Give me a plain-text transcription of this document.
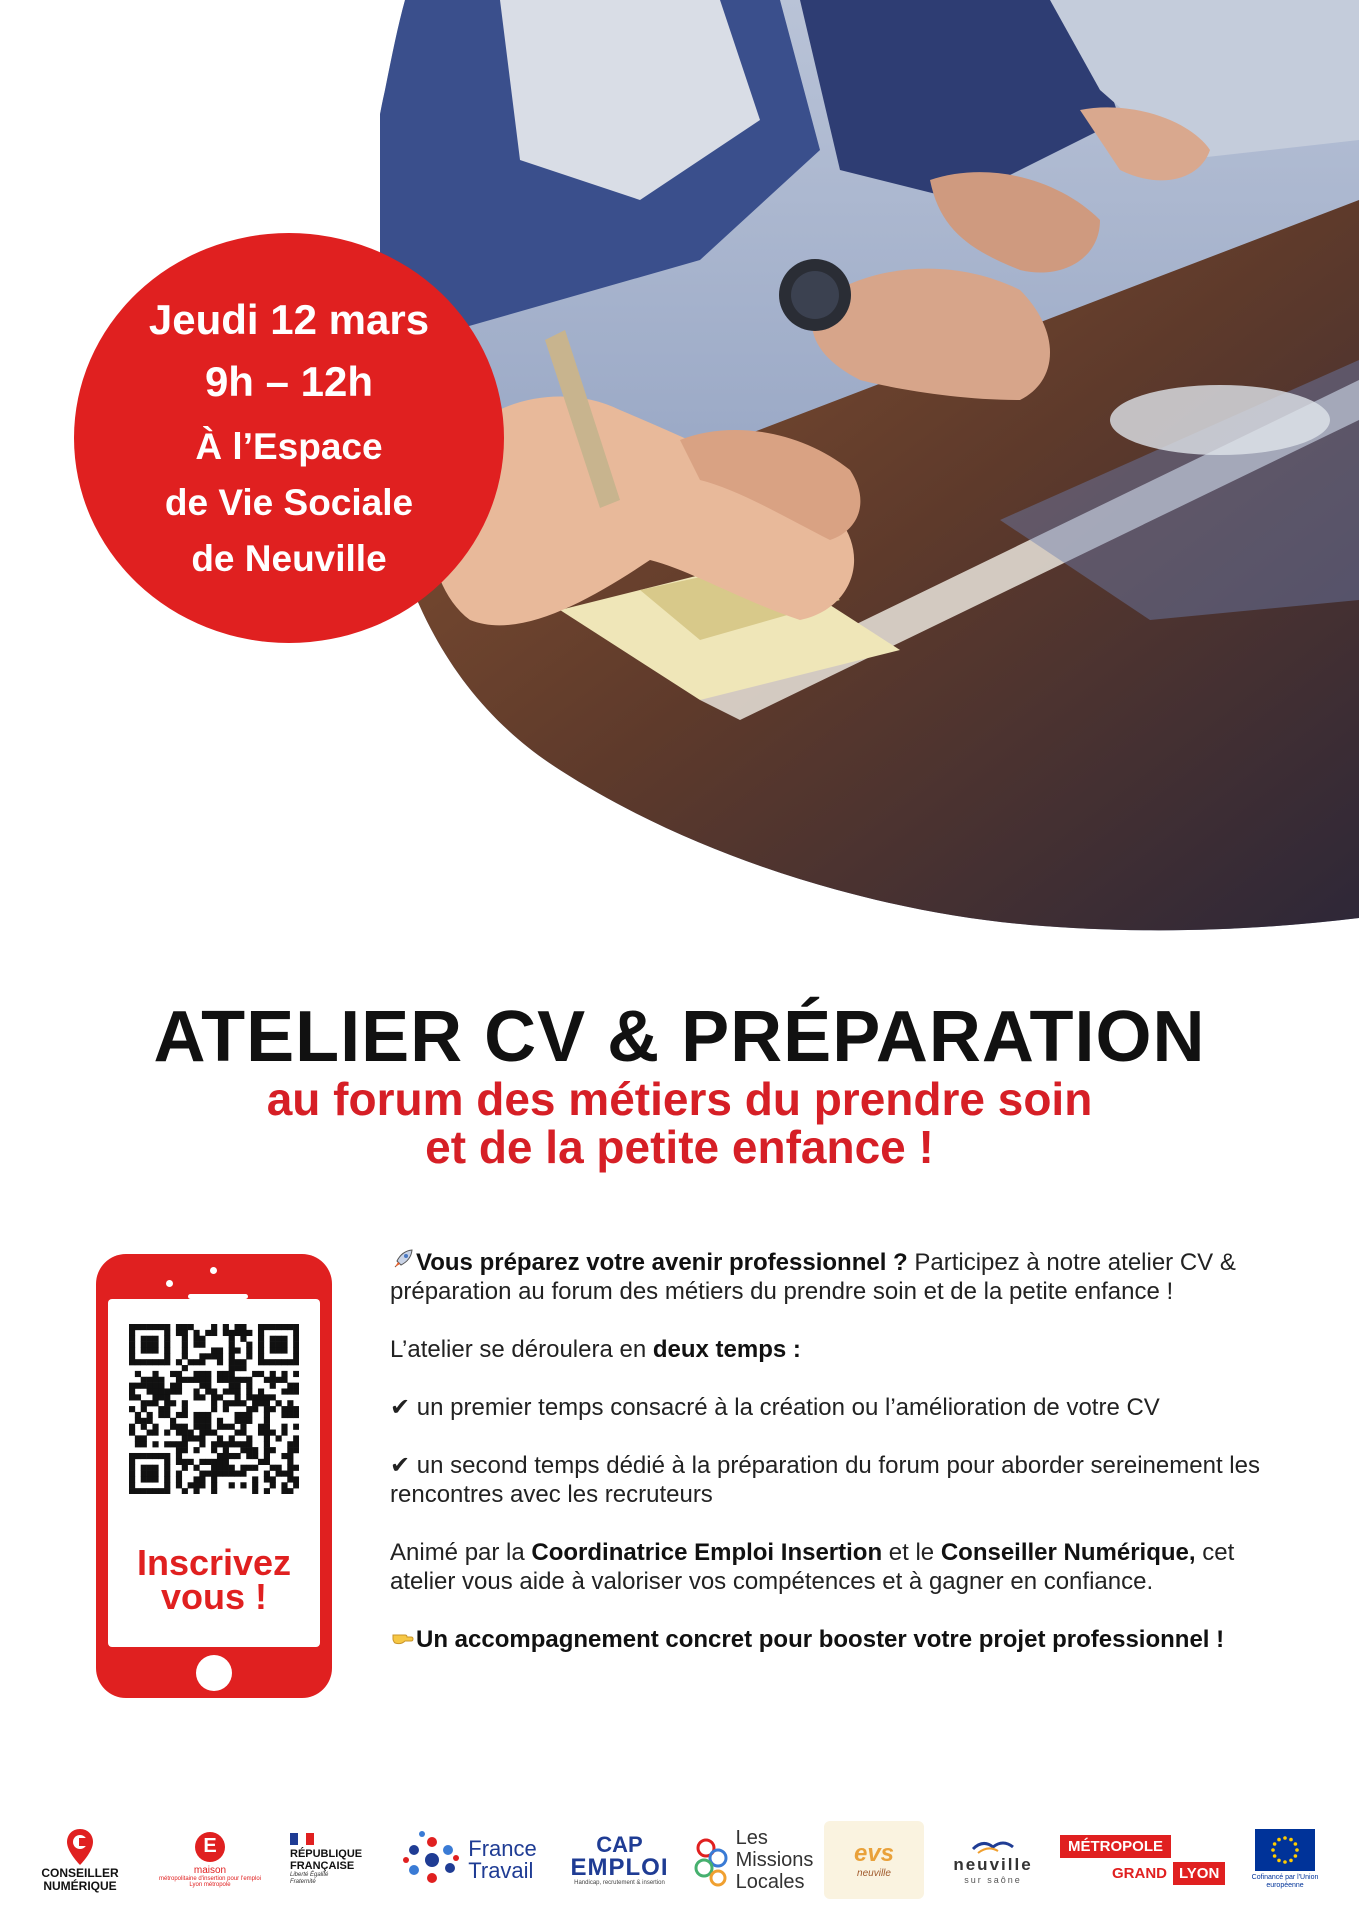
Jeudi 12 mars
9h – 12h
À l’Espace
de Vie Sociale
de Neuville
ATELIER CV & PRÉPARATION
au forum des métiers du prendre soin
et de la petite enfance !
Inscrivez
vous !

Vous préparez votre avenir professionnel ? Participez à notre atelier CV & préparation au forum des métiers du prendre soin et de la petite enfance !

L’atelier se déroulera en deux temps :

✔ un premier temps consacré à la création ou l’amélioration de votre CV

✔ un second temps dédié à la préparation du forum pour aborder sereinement les rencontres avec les recruteurs

Animé par la Coordinatrice Emploi Insertion et le Conseiller Numérique, cet atelier vous aide à valoriser vos compétences et à gagner en confiance.

Un accompagnement concret pour booster votre projet professionnel !

CONSEILLER
NUMÉRIQUE
E
maison
métropolitaine d'insertion pour l'emploi
Lyon métropole
RÉPUBLIQUE
FRANÇAISE
Liberté Égalité Fraternité
France
Travail
CAP
EMPLOI
Handicap, recrutement & insertion
Les
Missions
Locales
evs
neuville	neuville
sur saône
MÉTROPOLE
GRAND LYON	Cofinancé par l'Union européenne
